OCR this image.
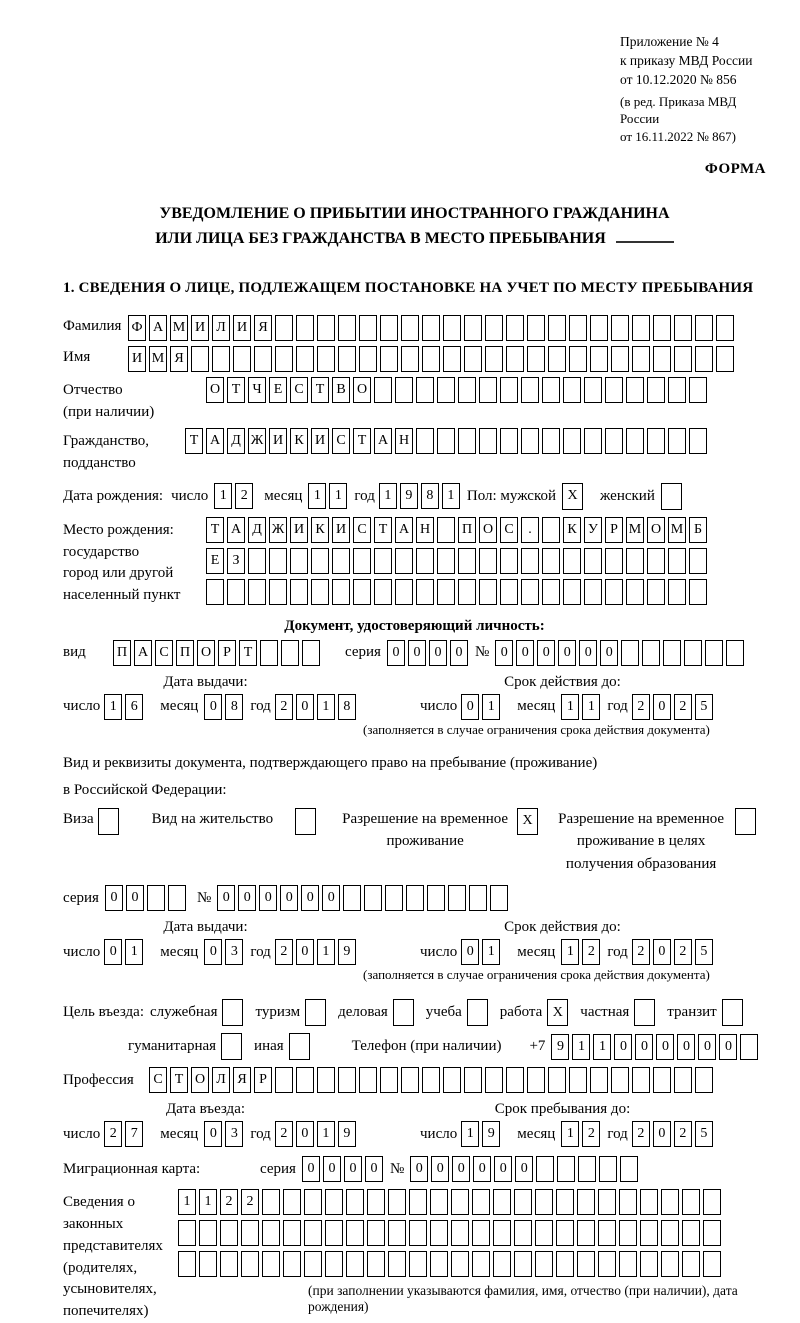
Приложение № 4
к приказу МВД России
от 10.12.2020 № 856
(в ред. Приказа МВД России
от 16.11.2022 № 867)
ФОРМА
УВЕДОМЛЕНИЕ О ПРИБЫТИИ ИНОСТРАННОГО ГРАЖДАНИНА
ИЛИ ЛИЦА БЕЗ ГРАЖДАНСТВА В МЕСТО ПРЕБЫВАНИЯ
1. СВЕДЕНИЯ О ЛИЦЕ, ПОДЛЕЖАЩЕМ ПОСТАНОВКЕ НА УЧЕТ ПО МЕСТУ ПРЕБЫВАНИЯ
Фамилия Ф А М И Л И Я
Имя	И М Я
Отчество
(при наличии)
О Т Ч Е С Т В О
Гражданство,
подданство
Т А Д Ж И К И С Т А Н
Дата рождения: число 1	2	месяц 1	1 год 1	9	8	1 Пол: мужской X	женский
Место рождения:
государство
город или другой
населенный пункт
Т А Д Ж И К И С Т А Н П О С	.	К У Р М О М Б
Е З
Документ, удостоверяющий личность:
вид	П А С П О Р Т	серия 0	0	0	0 № 0	0	0	0	0	0
Дата выдачи:
число 1	6	месяц 0	8 год 2	0	1	8
Срок действия до:
число 0	1	месяц 1	1 год 2	0	2	5
(заполняется в случае ограничения срока действия документа)
Вид и реквизиты документа, подтверждающего право на пребывание (проживание)
в Российской Федерации:
Виза	Вид на жительство	Разрешение на временное проживание
X	Разрешение на временное проживание в целях получения образования
серия 0	0	№ 0	0	0	0	0	0
Дата выдачи:
число 0	1	месяц 0	3 год 2	0	1	9
Срок действия до:
число 0	1	месяц 1	2 год 2	0	2	5
(заполняется в случае ограничения срока действия документа)
Цель въезда: служебная	туризм	деловая	учеба	работа X	частная	транзит
гуманитарная	иная	Телефон (при наличии) +7 9	1	1	0	0	0	0	0	0
Профессия	С Т О Л Я Р
Дата въезда:
число 2	7	месяц 0	3 год 2	0	1	9
Срок пребывания до:
число 1	9	месяц 1	2 год 2	0	2	5
Миграционная карта:	серия 0	0	0	0 № 0	0	0	0	0	0
Сведения о
законных
представителях
(родителях,
усыновителях,
попечителях)
1	1	2	2
(при заполнении указываются фамилия, имя, отчество (при наличии), дата рождения)
